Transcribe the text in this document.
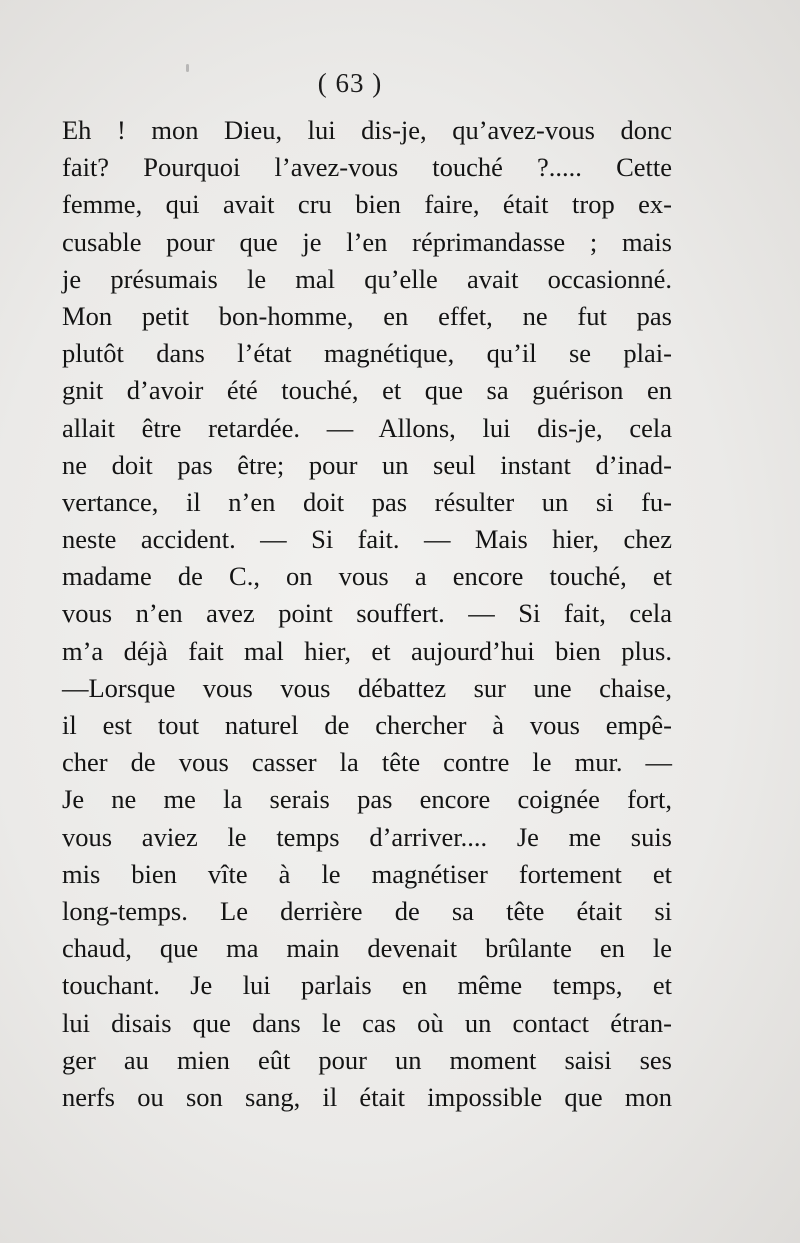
( 63 )
Eh ! mon Dieu, lui dis-je, qu’avez-vous donc
fait? Pourquoi l’avez-vous touché ?..... Cette
femme, qui avait cru bien faire, était trop ex-
cusable pour que je l’en réprimandasse ; mais
je présumais le mal qu’elle avait occasionné.
Mon petit bon-homme, en effet, ne fut pas
plutôt dans l’état magnétique, qu’il se plai-
gnit d’avoir été touché, et que sa guérison en
allait être retardée. — Allons, lui dis-je, cela
ne doit pas être; pour un seul instant d’inad-
vertance, il n’en doit pas résulter un si fu-
neste accident. — Si fait. — Mais hier, chez
madame de C., on vous a encore touché, et
vous n’en avez point souffert. — Si fait, cela
m’a déjà fait mal hier, et aujourd’hui bien plus.
—Lorsque vous vous débattez sur une chaise,
il est tout naturel de chercher à vous empê-
cher de vous casser la tête contre le mur. —
Je ne me la serais pas encore coignée fort,
vous aviez le temps d’arriver.... Je me suis
mis bien vîte à le magnétiser fortement et
long-temps. Le derrière de sa tête était si
chaud, que ma main devenait brûlante en le
touchant. Je lui parlais en même temps, et
lui disais que dans le cas où un contact étran-
ger au mien eût pour un moment saisi ses
nerfs ou son sang, il était impossible que mon
